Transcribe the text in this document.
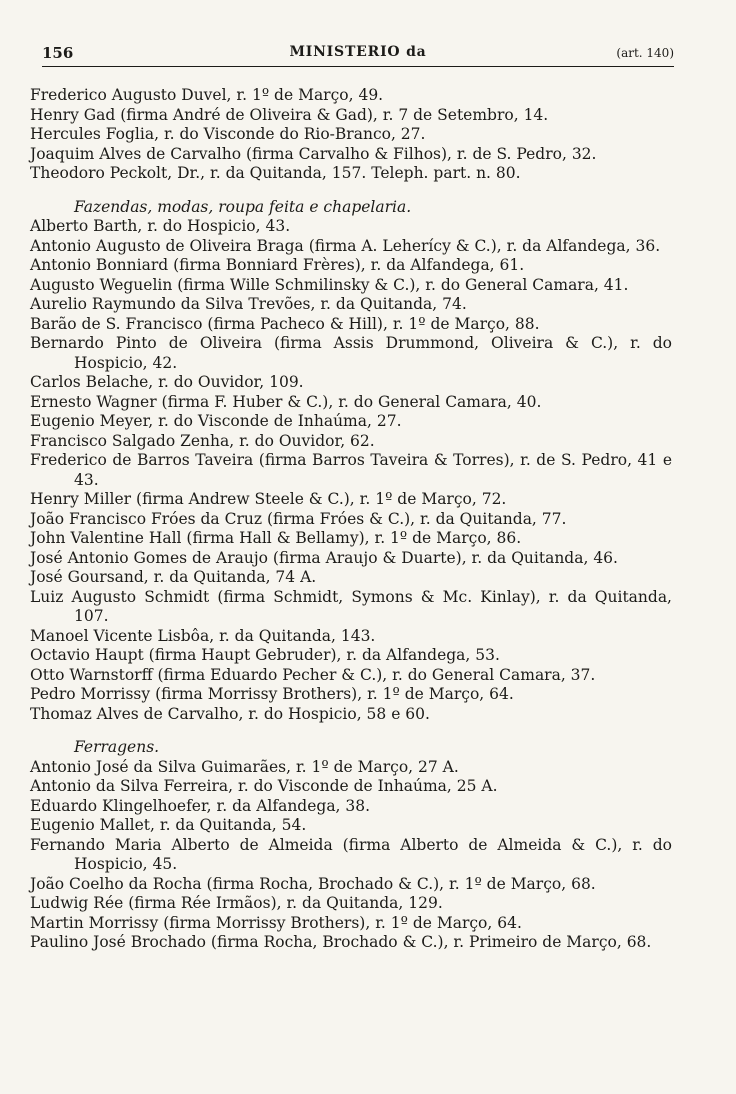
156	MINISTERIO da	(art. 140)
Frederico Augusto Duvel, r. 1º de Março, 49.
Henry Gad (firma André de Oliveira & Gad), r. 7 de Setembro, 14.
Hercules Foglia, r. do Visconde do Rio-Branco, 27.
Joaquim Alves de Carvalho (firma Carvalho & Filhos), r. de S. Pedro, 32.
Theodoro Peckolt, Dr., r. da Quitanda, 157. Teleph. part. n. 80.
Fazendas, modas, roupa feita e chapelaria.
Alberto Barth, r. do Hospicio, 43.
Antonio Augusto de Oliveira Braga (firma A. Leherícy & C.), r. da Alfandega, 36.
Antonio Bonniard (firma Bonniard Frères), r. da Alfandega, 61.
Augusto Weguelin (firma Wille Schmilinsky & C.), r. do General Camara, 41.
Aurelio Raymundo da Silva Trevões, r. da Quitanda, 74.
Barão de S. Francisco (firma Pacheco & Hill), r. 1º de Março, 88.
Bernardo Pinto de Oliveira (firma Assis Drummond, Oliveira & C.), r. do Hospicio, 42.
Carlos Belache, r. do Ouvidor, 109.
Ernesto Wagner (firma F. Huber & C.), r. do General Camara, 40.
Eugenio Meyer, r. do Visconde de Inhaúma, 27.
Francisco Salgado Zenha, r. do Ouvidor, 62.
Frederico de Barros Taveira (firma Barros Taveira & Torres), r. de S. Pedro, 41 e 43.
Henry Miller (firma Andrew Steele & C.), r. 1º de Março, 72.
João Francisco Fróes da Cruz (firma Fróes & C.), r. da Quitanda, 77.
John Valentine Hall (firma Hall & Bellamy), r. 1º de Março, 86.
José Antonio Gomes de Araujo (firma Araujo & Duarte), r. da Quitanda, 46.
José Goursand, r. da Quitanda, 74 A.
Luiz Augusto Schmidt (firma Schmidt, Symons & Mc. Kinlay), r. da Quitanda, 107.
Manoel Vicente Lisbôa, r. da Quitanda, 143.
Octavio Haupt (firma Haupt Gebruder), r. da Alfandega, 53.
Otto Warnstorff (firma Eduardo Pecher & C.), r. do General Camara, 37.
Pedro Morrissy (firma Morrissy Brothers), r. 1º de Março, 64.
Thomaz Alves de Carvalho, r. do Hospicio, 58 e 60.
Ferragens.
Antonio José da Silva Guimarães, r. 1º de Março, 27 A.
Antonio da Silva Ferreira, r. do Visconde de Inhaúma, 25 A.
Eduardo Klingelhoefer, r. da Alfandega, 38.
Eugenio Mallet, r. da Quitanda, 54.
Fernando Maria Alberto de Almeida (firma Alberto de Almeida & C.), r. do Hospicio, 45.
João Coelho da Rocha (firma Rocha, Brochado & C.), r. 1º de Março, 68.
Ludwig Rée (firma Rée Irmãos), r. da Quitanda, 129.
Martin Morrissy (firma Morrissy Brothers), r. 1º de Março, 64.
Paulino José Brochado (firma Rocha, Brochado & C.), r. Primeiro de Março, 68.
